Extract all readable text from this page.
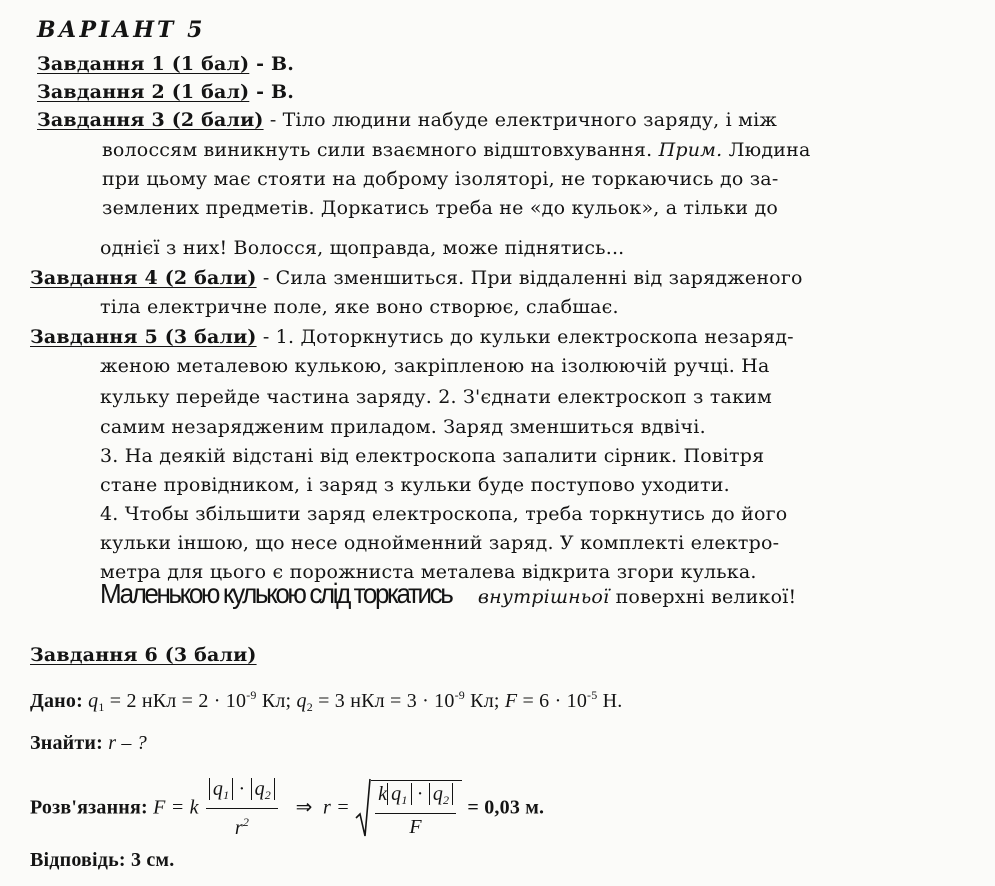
ВАРІАНТ 5
Завдання 1 (1 бал) - В.
Завдання 2 (1 бал) - В.
Завдання 3 (2 бали) - Тіло людини набуде електричного заряду, і між
волоссям виникнуть сили взаємного відштовхування. Прим. Людина
при цьому має стояти на доброму ізоляторі, не торкаючись до за-
землених предметів. Доркатись треба не «до кульок», а тільки до
однієї з них! Волосся, щоправда, може піднятись...
Завдання 4 (2 бали) - Сила зменшиться. При віддаленні від зарядженого
тіла електричне поле, яке воно створює, слабшає.
Завдання 5 (3 бали) - 1. Доторкнутись до кульки електроскопа незаряд-
женою металевою кулькою, закріпленою на ізолюючій ручці. На
кульку перейде частина заряду. 2. З'єднати електроскоп з таким
самим незарядженим приладом. Заряд зменшиться вдвічі.
3. На деякій відстані від електроскопа запалити сірник. Повітря
стане провідником, і заряд з кульки буде поступово уходити.
4. Чтобы збільшити заряд електроскопа, треба торкнутись до його
кульки іншою, що несе однойменний заряд. У комплекті електро-
метра для цього є порожниста металева відкрита згори кулька.
Маленькою кулькою слід торкатись внутрішньої поверхні великої!
Завдання 6 (3 бали)
Дано: $q_1 = 2$ нКл = $2 \cdot 10^{-9}$ Кл; $q_2 = 3$ нКл = $3 \cdot 10^{-9}$ Кл; $F = 6 \cdot 10^{-5}$ Н.
Знайти: r – ?
Розв'язання: F = k $\frac{q_1 \cdot q_2}{r^2}$ ⇒ $r = \frac{k q_1 \cdot q_2}{F} = 0,03$ м.
Відповідь: 3 см.
